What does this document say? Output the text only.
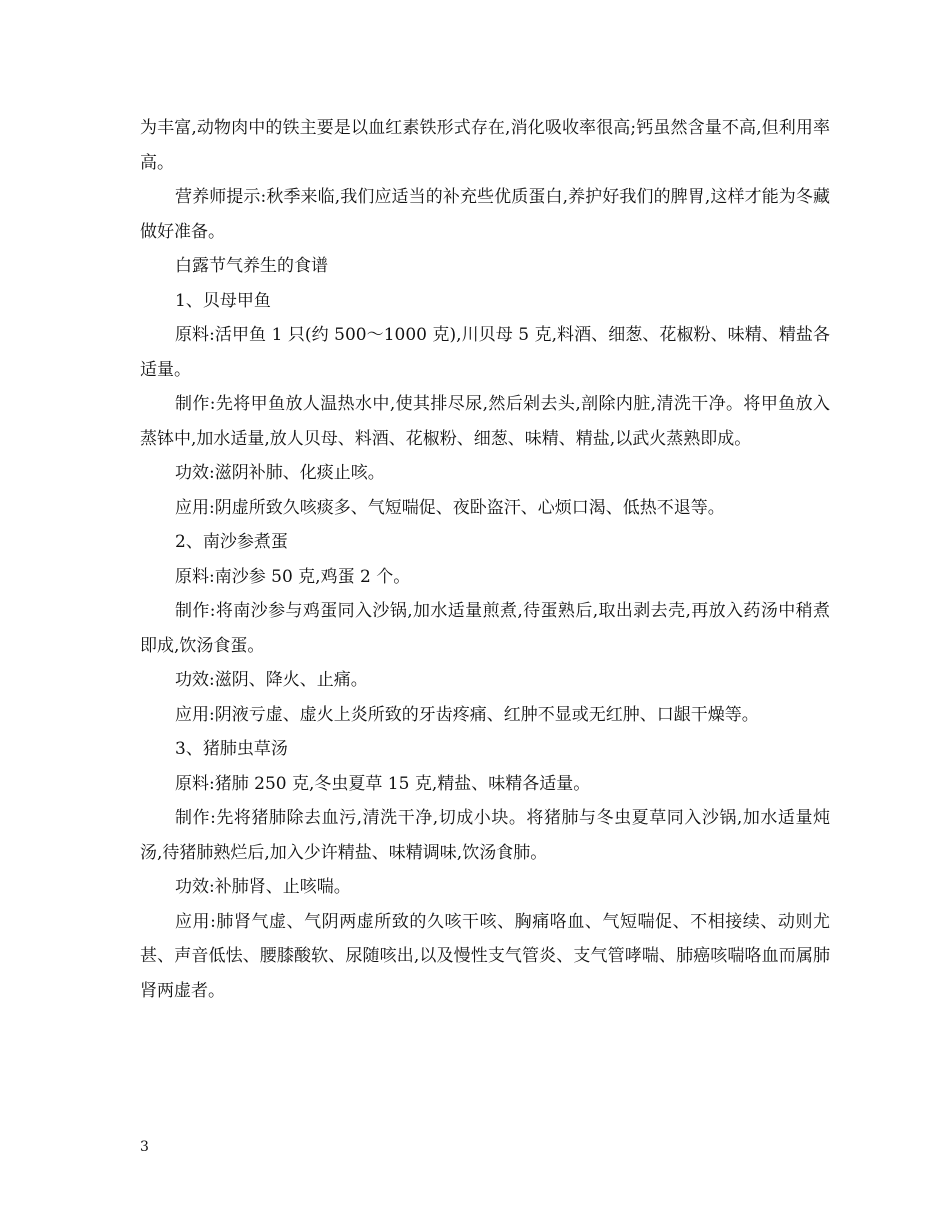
为丰富,动物肉中的铁主要是以血红素铁形式存在,消化吸收率很高;钙虽然含量不高,但利用率高。

营养师提示:秋季来临,我们应适当的补充些优质蛋白,养护好我们的脾胃,这样才能为冬藏做好准备。

白露节气养生的食谱

1、贝母甲鱼

原料:活甲鱼 1 只(约 500～1000 克),川贝母 5 克,料酒、细葱、花椒粉、味精、精盐各适量。

制作:先将甲鱼放人温热水中,使其排尽尿,然后剁去头,剖除内脏,清洗干净。将甲鱼放入蒸钵中,加水适量,放人贝母、料酒、花椒粉、细葱、味精、精盐,以武火蒸熟即成。

功效:滋阴补肺、化痰止咳。

应用:阴虚所致久咳痰多、气短喘促、夜卧盗汗、心烦口渴、低热不退等。

2、南沙参煮蛋

原料:南沙参 50 克,鸡蛋 2 个。

制作:将南沙参与鸡蛋同入沙锅,加水适量煎煮,待蛋熟后,取出剥去壳,再放入药汤中稍煮即成,饮汤食蛋。

功效:滋阴、降火、止痛。

应用:阴液亏虚、虚火上炎所致的牙齿疼痛、红肿不显或无红肿、口龈干燥等。

3、猪肺虫草汤

原料:猪肺 250 克,冬虫夏草 15 克,精盐、味精各适量。

制作:先将猪肺除去血污,清洗干净,切成小块。将猪肺与冬虫夏草同入沙锅,加水适量炖汤,待猪肺熟烂后,加入少许精盐、味精调味,饮汤食肺。

功效:补肺肾、止咳喘。

应用:肺肾气虚、气阴两虚所致的久咳干咳、胸痛咯血、气短喘促、不相接续、动则尤甚、声音低怯、腰膝酸软、尿随咳出,以及慢性支气管炎、支气管哮喘、肺癌咳喘咯血而属肺肾两虚者。

3
